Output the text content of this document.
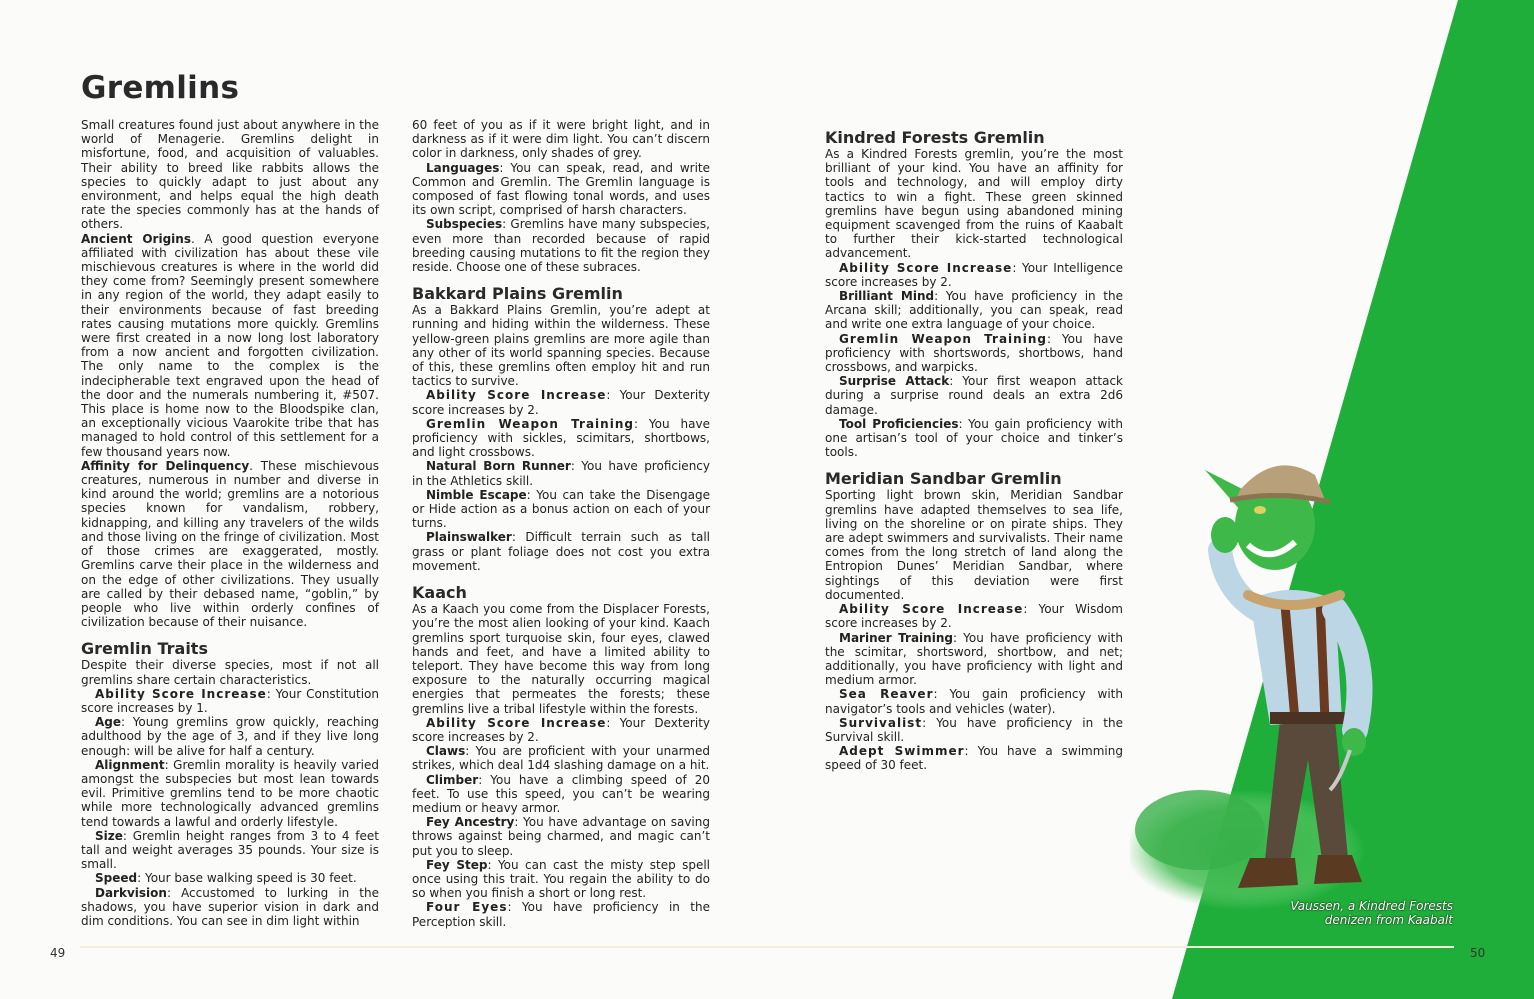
Gremlins

Small creatures found just about anywhere in the world of Menagerie. Gremlins delight in misfortune, food, and acquisition of valuables. Their ability to breed like rabbits allows the species to quickly adapt to just about any environment, and helps equal the high death rate the species commonly has at the hands of others.

Ancient Origins. A good question everyone affiliated with civilization has about these vile mischievous creatures is where in the world did they come from? Seemingly present somewhere in any region of the world, they adapt easily to their environments because of fast breeding rates causing mutations more quickly. Gremlins were first created in a now long lost laboratory from a now ancient and forgotten civilization. The only name to the complex is the indecipherable text engraved upon the head of the door and the numerals numbering it, #507. This place is home now to the Bloodspike clan, an exceptionally vicious Vaarokite tribe that has managed to hold control of this settlement for a few thousand years now.

Affinity for Delinquency. These mischievous creatures, numerous in number and diverse in kind around the world; gremlins are a notorious species known for vandalism, robbery, kidnapping, and killing any travelers of the wilds and those living on the fringe of civilization. Most of those crimes are exaggerated, mostly. Gremlins carve their place in the wilderness and on the edge of other civilizations. They usually are called by their debased name, “goblin,” by people who live within orderly confines of civilization because of their nuisance.

Gremlin Traits

Despite their diverse species, most if not all gremlins share certain characteristics.

Ability Score Increase: Your Constitution score increases by 1.

Age: Young gremlins grow quickly, reaching adulthood by the age of 3, and if they live long enough: will be alive for half a century.

Alignment: Gremlin morality is heavily varied amongst the subspecies but most lean towards evil. Primitive gremlins tend to be more chaotic while more technologically advanced gremlins tend towards a lawful and orderly lifestyle.

Size: Gremlin height ranges from 3 to 4 feet tall and weight averages 35 pounds. Your size is small.

Speed: Your base walking speed is 30 feet.

Darkvision: Accustomed to lurking in the shadows, you have superior vision in dark and dim conditions. You can see in dim light within

60 feet of you as if it were bright light, and in darkness as if it were dim light. You can’t discern color in darkness, only shades of grey.

Languages: You can speak, read, and write Common and Gremlin. The Gremlin language is composed of fast flowing tonal words, and uses its own script, comprised of harsh characters.

Subspecies: Gremlins have many subspecies, even more than recorded because of rapid breeding causing mutations to fit the region they reside. Choose one of these subraces.

Bakkard Plains Gremlin

As a Bakkard Plains Gremlin, you’re adept at running and hiding within the wilderness. These yellow-green plains gremlins are more agile than any other of its world spanning species. Because of this, these gremlins often employ hit and run tactics to survive.

Ability Score Increase: Your Dexterity score increases by 2.

Gremlin Weapon Training: You have proficiency with sickles, scimitars, shortbows, and light crossbows.

Natural Born Runner: You have proficiency in the Athletics skill.

Nimble Escape: You can take the Disengage or Hide action as a bonus action on each of your turns.

Plainswalker: Difficult terrain such as tall grass or plant foliage does not cost you extra movement.

Kaach

As a Kaach you come from the Displacer Forests, you’re the most alien looking of your kind. Kaach gremlins sport turquoise skin, four eyes, clawed hands and feet, and have a limited ability to teleport. They have become this way from long exposure to the naturally occurring magical energies that permeates the forests; these gremlins live a tribal lifestyle within the forests.

Ability Score Increase: Your Dexterity score increases by 2.

Claws: You are proficient with your unarmed strikes, which deal 1d4 slashing damage on a hit.

Climber: You have a climbing speed of 20 feet. To use this speed, you can’t be wearing medium or heavy armor.

Fey Ancestry: You have advantage on saving throws against being charmed, and magic can’t put you to sleep.

Fey Step: You can cast the misty step spell once using this trait. You regain the ability to do so when you finish a short or long rest.

Four Eyes: You have proficiency in the Perception skill.

Kindred Forests Gremlin

As a Kindred Forests gremlin, you’re the most brilliant of your kind. You have an affinity for tools and technology, and will employ dirty tactics to win a fight. These green skinned gremlins have begun using abandoned mining equipment scavenged from the ruins of Kaabalt to further their kick-started technological advancement.

Ability Score Increase: Your Intelligence score increases by 2.

Brilliant Mind: You have proficiency in the Arcana skill; additionally, you can speak, read and write one extra language of your choice.

Gremlin Weapon Training: You have proficiency with shortswords, shortbows, hand crossbows, and warpicks.

Surprise Attack: Your first weapon attack during a surprise round deals an extra 2d6 damage.

Tool Proficiencies: You gain proficiency with one artisan’s tool of your choice and tinker’s tools.

Meridian Sandbar Gremlin

Sporting light brown skin, Meridian Sandbar gremlins have adapted themselves to sea life, living on the shoreline or on pirate ships. They are adept swimmers and survivalists. Their name comes from the long stretch of land along the Entropion Dunes’ Meridian Sandbar, where sightings of this deviation were first documented.

Ability Score Increase: Your Wisdom score increases by 2.

Mariner Training: You have proficiency with the scimitar, shortsword, shortbow, and net; additionally, you have proficiency with light and medium armor.

Sea Reaver: You gain proficiency with navigator’s tools and vehicles (water).

Survivalist: You have proficiency in the Survival skill.

Adept Swimmer: You have a swimming speed of 30 feet.

Vaussen, a Kindred Forests
denizen from Kaabalt
49	50
